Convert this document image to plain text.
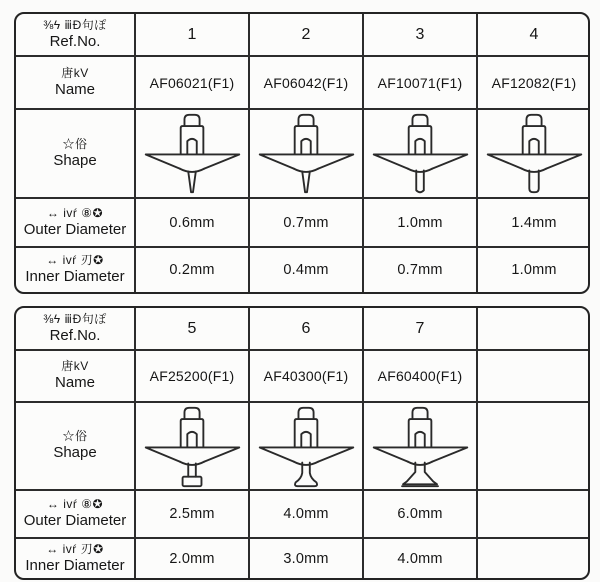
⅜ϟ ⅲÐ句ぽ
Ref.No.	1	2	3	4
唐kV
Name	AF06021(F1)	AF06042(F1)	AF10071(F1)	AF12082(F1)
☆俗
Shape
↔ ivŕ ⑧✪
Outer Diameter	0.6mm	0.7mm	1.0mm	1.4mm
↔ ivŕ 刃✪
Inner Diameter	0.2mm	0.4mm	0.7mm	1.0mm
⅜ϟ ⅲÐ句ぽ
Ref.No.	5	6	7
唐kV
Name	AF25200(F1)	AF40300(F1)	AF60400(F1)
☆俗
Shape
↔ ivŕ ⑧✪
Outer Diameter	2.5mm	4.0mm	6.0mm
↔ ivŕ 刃✪
Inner Diameter	2.0mm	3.0mm	4.0mm
